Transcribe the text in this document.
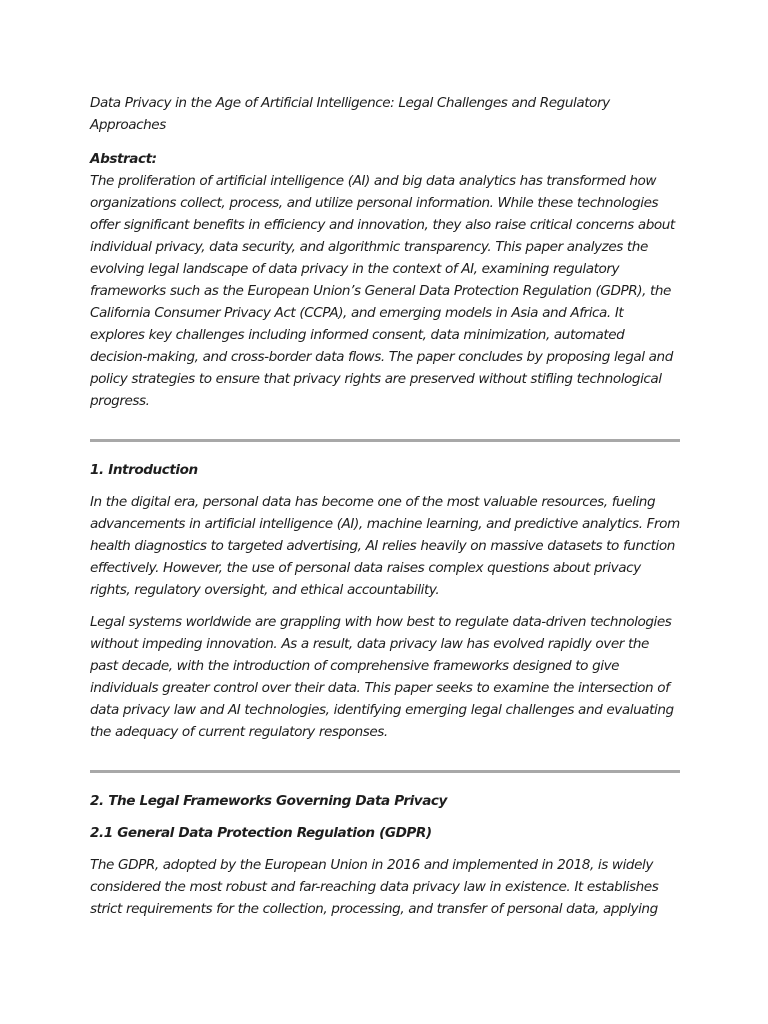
Data Privacy in the Age of Artificial Intelligence: Legal Challenges and Regulatory Approaches

Abstract:

The proliferation of artificial intelligence (AI) and big data analytics has transformed how organizations collect, process, and utilize personal information. While these technologies offer significant benefits in efficiency and innovation, they also raise critical concerns about individual privacy, data security, and algorithmic transparency. This paper analyzes the evolving legal landscape of data privacy in the context of AI, examining regulatory frameworks such as the European Union’s General Data Protection Regulation (GDPR), the California Consumer Privacy Act (CCPA), and emerging models in Asia and Africa. It explores key challenges including informed consent, data minimization, automated decision-making, and cross-border data flows. The paper concludes by proposing legal and policy strategies to ensure that privacy rights are preserved without stifling technological progress.

1. Introduction

In the digital era, personal data has become one of the most valuable resources, fueling advancements in artificial intelligence (AI), machine learning, and predictive analytics. From health diagnostics to targeted advertising, AI relies heavily on massive datasets to function effectively. However, the use of personal data raises complex questions about privacy rights, regulatory oversight, and ethical accountability.

Legal systems worldwide are grappling with how best to regulate data-driven technologies without impeding innovation. As a result, data privacy law has evolved rapidly over the past decade, with the introduction of comprehensive frameworks designed to give individuals greater control over their data. This paper seeks to examine the intersection of data privacy law and AI technologies, identifying emerging legal challenges and evaluating the adequacy of current regulatory responses.

2. The Legal Frameworks Governing Data Privacy

2.1 General Data Protection Regulation (GDPR)

The GDPR, adopted by the European Union in 2016 and implemented in 2018, is widely considered the most robust and far-reaching data privacy law in existence. It establishes strict requirements for the collection, processing, and transfer of personal data, applying
